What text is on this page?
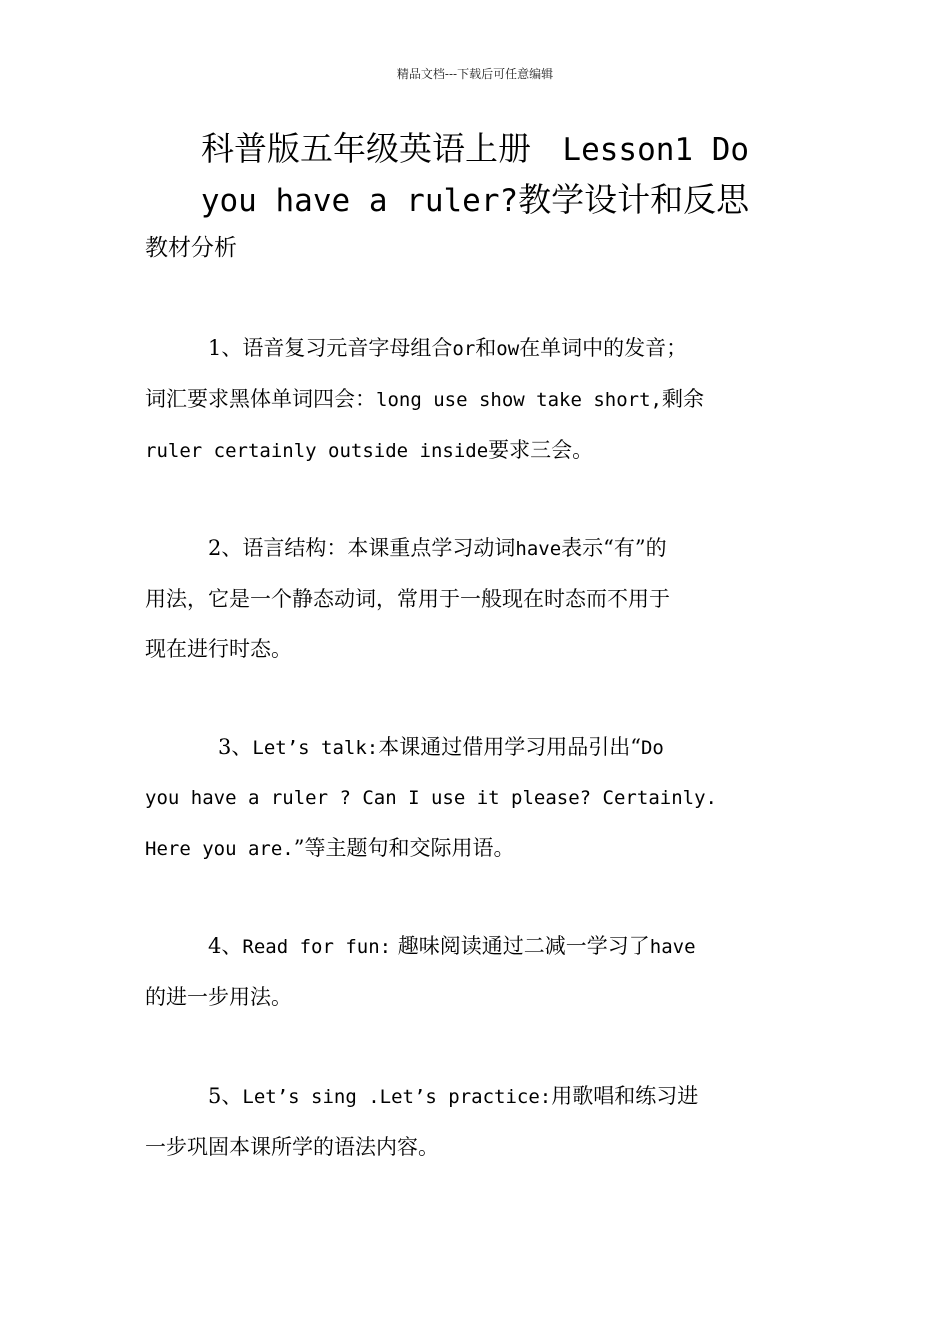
精品文档---下载后可任意编辑
科普版五年级英语上册 Lesson1 Do
you have a ruler?教学设计和反思
教材分析

1、语音复习元音字母组合or和ow在单词中的发音；
词汇要求黑体单词四会：long use show take short,剩余
ruler certainly outside inside要求三会。

2、语言结构：本课重点学习动词have表示“有”的
用法，它是一个静态动词，常用于一般现在时态而不用于
现在进行时态。

3、Let’s talk:本课通过借用学习用品引出“Do
you have a ruler ? Can I use it please? Certainly.
Here you are.”等主题句和交际用语。

4、Read for fun: 趣味阅读通过二减一学习了have
的进一步用法。

5、Let’s sing .Let’s practice:用歌唱和练习进
一步巩固本课所学的语法内容。
